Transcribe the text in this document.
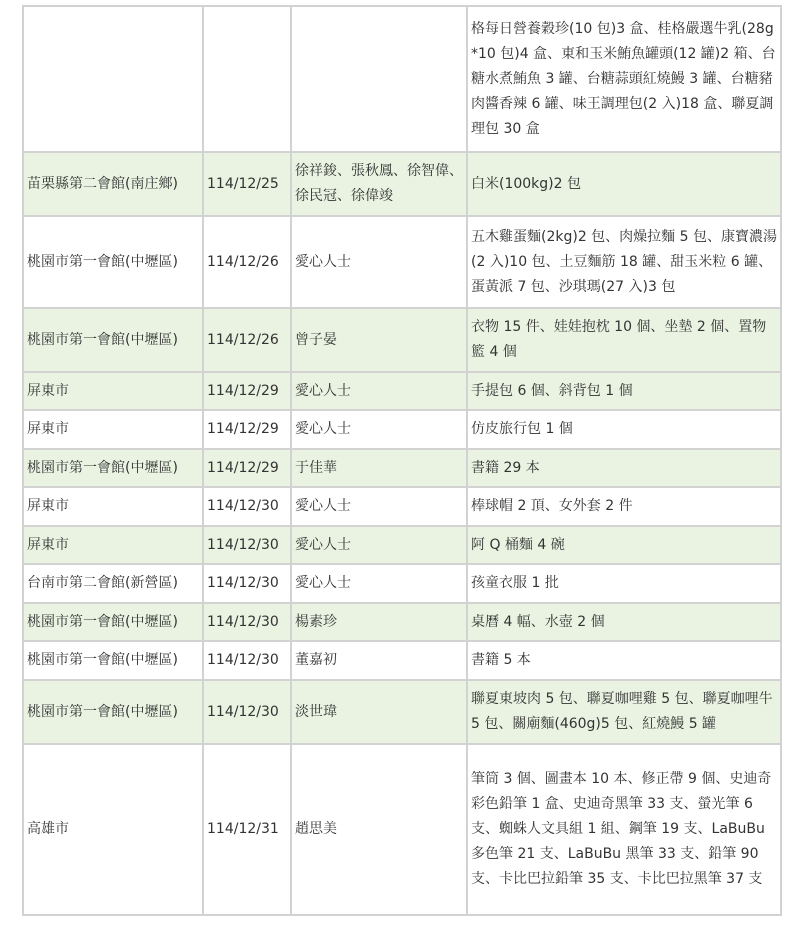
			格每日營養穀珍(10 包)3 盒、桂格嚴選牛乳(28g*10 包)4 盒、東和玉米鮪魚罐頭(12 罐)2 箱、台糖水煮鮪魚 3 罐、台糖蒜頭紅燒鰻 3 罐、台糖豬肉醬香辣 6 罐、味王調理包(2 入)18 盒、聯夏調理包 30 盒
苗栗縣第二會館(南庄鄉)	114/12/25	徐祥鋑、張秋鳳、徐智偉、徐民冠、徐偉竣	白米(100kg)2 包
桃園市第一會館(中壢區)	114/12/26	愛心人士	五木雞蛋麵(2kg)2 包、肉燥拉麵 5 包、康寶濃湯(2 入)10 包、土豆麵筋 18 罐、甜玉米粒 6 罐、蛋黃派 7 包、沙琪瑪(27 入)3 包
桃園市第一會館(中壢區)	114/12/26	曾子晏	衣物 15 件、娃娃抱枕 10 個、坐墊 2 個、置物籃 4 個
屏東市	114/12/29	愛心人士	手提包 6 個、斜背包 1 個
屏東市	114/12/29	愛心人士	仿皮旅行包 1 個
桃園市第一會館(中壢區)	114/12/29	于佳華	書籍 29 本
屏東市	114/12/30	愛心人士	棒球帽 2 頂、女外套 2 件
屏東市	114/12/30	愛心人士	阿 Q 桶麵 4 碗
台南市第二會館(新營區)	114/12/30	愛心人士	孩童衣服 1 批
桃園市第一會館(中壢區)	114/12/30	楊素珍	桌曆 4 幅、水壺 2 個
桃園市第一會館(中壢區)	114/12/30	董嘉初	書籍 5 本
桃園市第一會館(中壢區)	114/12/30	淡世瑋	聯夏東坡肉 5 包、聯夏咖哩雞 5 包、聯夏咖哩牛 5 包、關廟麵(460g)5 包、紅燒鰻 5 罐
高雄市	114/12/31	趙思美	筆筒 3 個、圖畫本 10 本、修正帶 9 個、史迪奇彩色鉛筆 1 盒、史迪奇黑筆 33 支、螢光筆 6 支、蜘蛛人文具組 1 組、鋼筆 19 支、LaBuBu 多色筆 21 支、LaBuBu 黑筆 33 支、鉛筆 90 支、卡比巴拉鉛筆 35 支、卡比巴拉黑筆 37 支
